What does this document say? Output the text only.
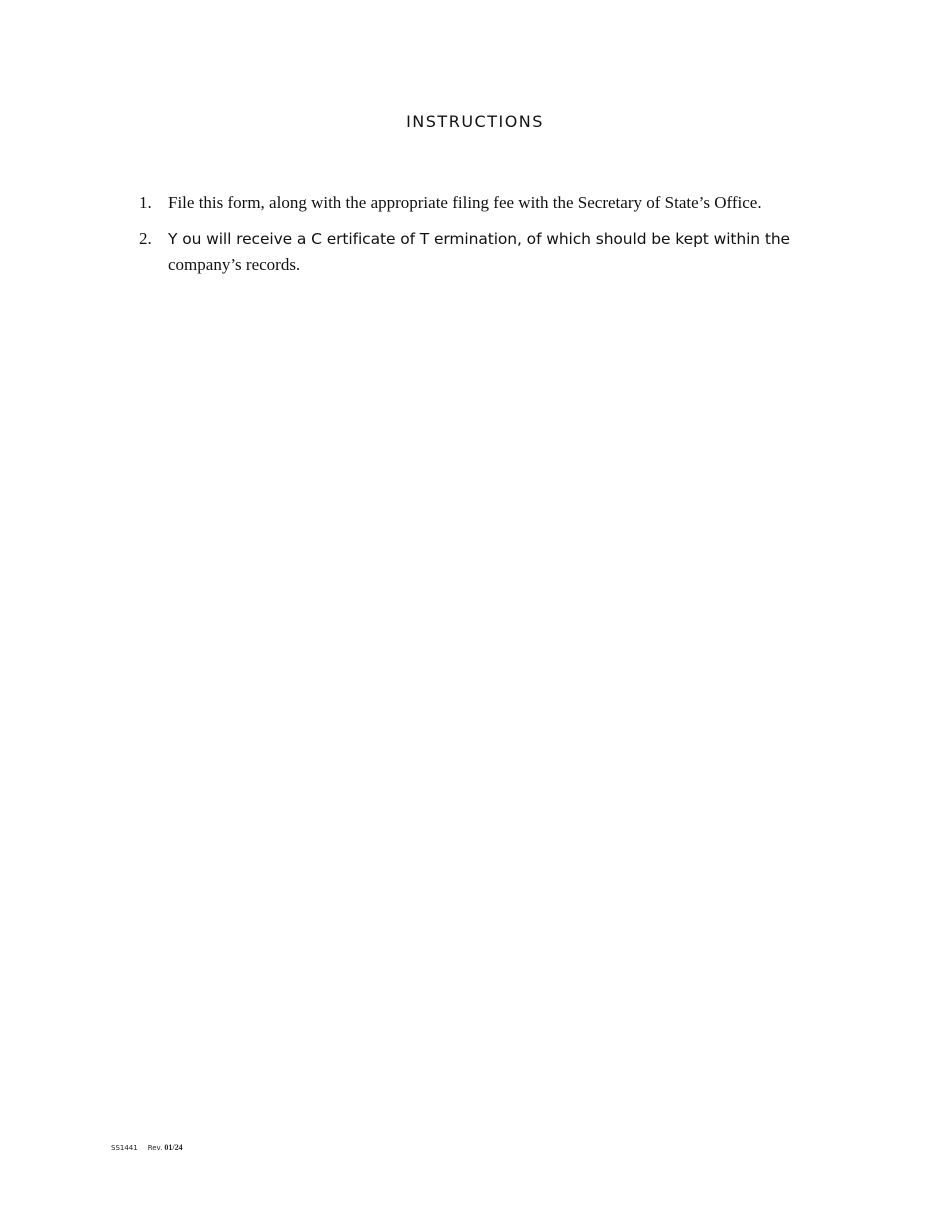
INSTRUCTIONS
1. File this form, along with the appropriate filing fee with the Secretary of State’s Office.
2. Y ou will receive a C ertificate of T ermination, of which should be kept within the company’s records.
SS1441 Rev. 01/24
